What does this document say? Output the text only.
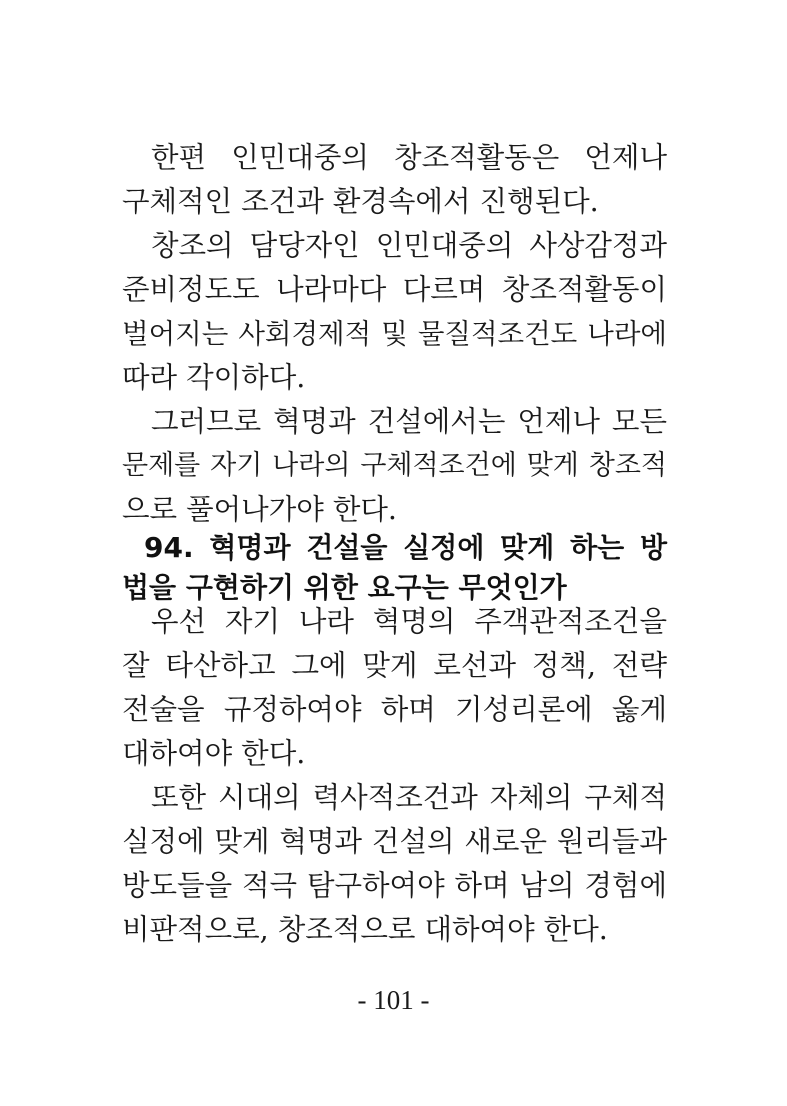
한편 인민대중의 창조적활동은 언제나
구체적인 조건과 환경속에서 진행된다.
창조의 담당자인 인민대중의 사상감정과
준비정도도 나라마다 다르며 창조적활동이
벌어지는 사회경제적 및 물질적조건도 나라에
따라 각이하다.
그러므로 혁명과 건설에서는 언제나 모든
문제를 자기 나라의 구체적조건에 맞게 창조적
으로 풀어나가야 한다.
94. 혁명과 건설을 실정에 맞게 하는 방
법을 구현하기 위한 요구는 무엇인가
우선 자기 나라 혁명의 주객관적조건을
잘 타산하고 그에 맞게 로선과 정책, 전략
전술을 규정하여야 하며 기성리론에 옳게
대하여야 한다.
또한 시대의 력사적조건과 자체의 구체적
실정에 맞게 혁명과 건설의 새로운 원리들과
방도들을 적극 탐구하여야 하며 남의 경험에
비판적으로, 창조적으로 대하여야 한다.
- 101 -
